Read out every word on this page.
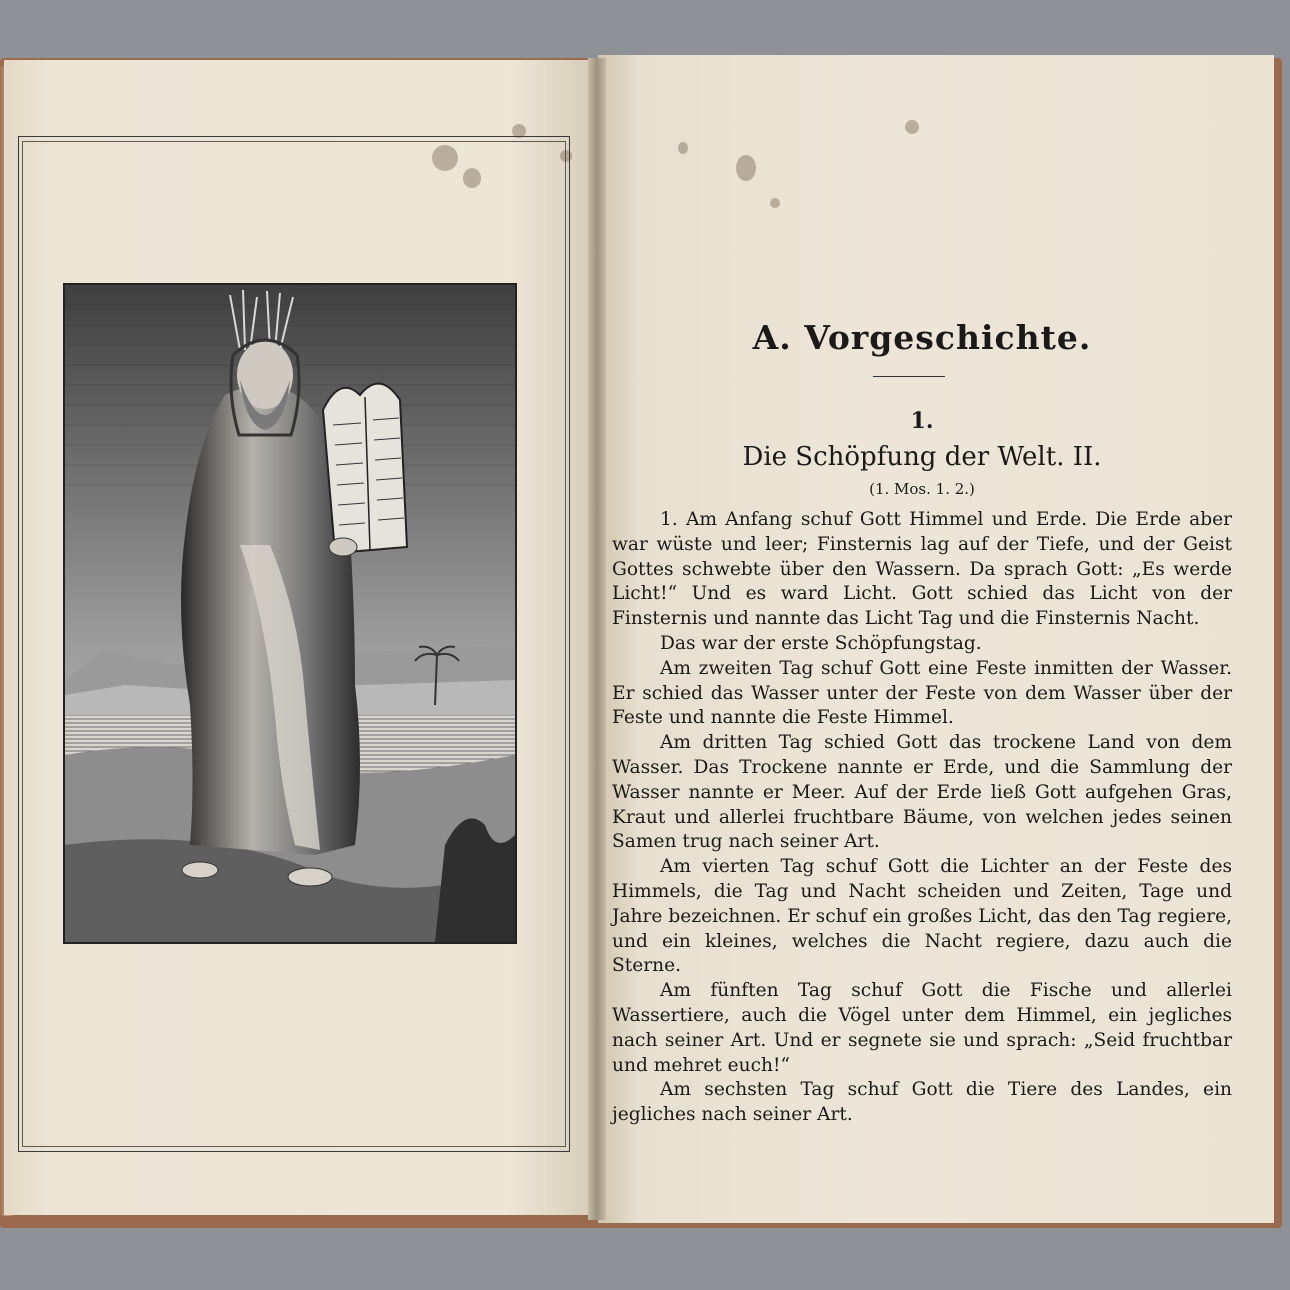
A. Vorgeschichte.
1.
Die Schöpfung der Welt. II.
(1. Mos. 1. 2.)

1. Am Anfang schuf Gott Himmel und Erde. Die Erde aber war wüste und leer; Finsternis lag auf der Tiefe, und der Geist Gottes schwebte über den Wassern. Da sprach Gott: „Es werde Licht!“ Und es ward Licht. Gott schied das Licht von der Finsternis und nannte das Licht Tag und die Finsternis Nacht.

Das war der erste Schöpfungstag.

Am zweiten Tag schuf Gott eine Feste inmitten der Wasser. Er schied das Wasser unter der Feste von dem Wasser über der Feste und nannte die Feste Himmel.

Am dritten Tag schied Gott das trockene Land von dem Wasser. Das Trockene nannte er Erde, und die Sammlung der Wasser nannte er Meer. Auf der Erde ließ Gott aufgehen Gras, Kraut und allerlei fruchtbare Bäume, von welchen jedes seinen Samen trug nach seiner Art.

Am vierten Tag schuf Gott die Lichter an der Feste des Himmels, die Tag und Nacht scheiden und Zeiten, Tage und Jahre bezeichnen. Er schuf ein großes Licht, das den Tag regiere, und ein kleines, welches die Nacht regiere, dazu auch die Sterne.

Am fünften Tag schuf Gott die Fische und allerlei Wassertiere, auch die Vögel unter dem Himmel, ein jegliches nach seiner Art. Und er segnete sie und sprach: „Seid fruchtbar und mehret euch!“

Am sechsten Tag schuf Gott die Tiere des Landes, ein jegliches nach seiner Art.
